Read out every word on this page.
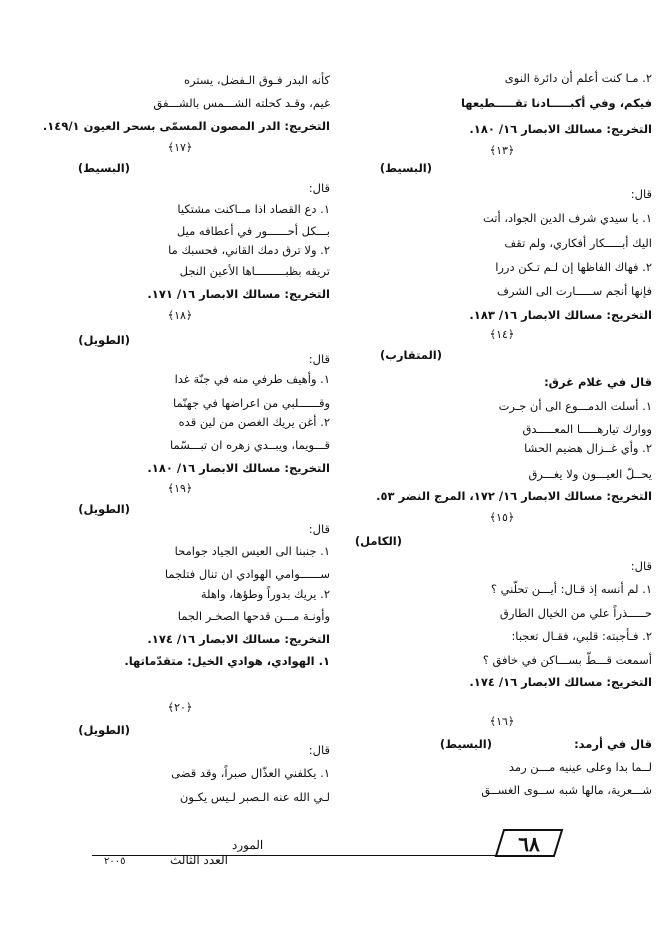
٢. مـا كنت أعلم أن دائرة النوى
فيكم، وفي أكبـــــادنا تقـــــطيعها
التخريج: مسالك الابصار ١٦/ ١٨٠.
﴿١٣﴾
(البسيط)
قال:
١. يا سيدي شرف الدين الجواد، أتت
اليك أبـــــكار أفكاري، ولم تقف
٢. فهاك الفاظها إن لـم تـكن دررا
فإنها أنجم ســـــارت الى الشرف
التخريج: مسالك الابصار ١٦/ ١٨٣.
﴿١٤﴾
(المتقارب)
قال في غلام غرق:
١. أسلت الدمـــوع الى أن جـرت
ووارك تيارهـــــا المعـــــدق
٢. وأي غــزال هضيم الحشا
يحــلّ العيـــون ولا يغـــرق
التخريج: مسالك الابصار ١٦/ ١٧٢، المرج النضر ٥٣.
﴿١٥﴾
(الكامل)
قال:
١. لم أنسه إذ قـال: أيـــن تحلّني ؟
حـــــذراً علي من الخيال الطارق
٢. فـأجبته: قلبي، فقـال تعجبا:
أسمعت قـــطّ بســـاكن في خافق ؟
التخريج: مسالك الابصار ١٦/ ١٧٤.
﴿١٦﴾
قال في أرمد:
(البسيط)
لــما بدا وعلى عينيه مـــن رمد
شـــعرية، مالها شبه ســوى الغســق
كأنه البدر فـوق الـفضل، يستره
غيم، وقـد كحلته الشـــمس بالشـــفق
التخريج: الدر المصون المسمّى بسحر العيون ١٤٩/١.
﴿١٧﴾
(البسيط)
قال:
١. دع القصاد اذا مــاكنت مشتكيا
بـــكل أحــــــور في أعطافه ميل
٢. ولا ترق دمك القاني، فحسبك ما
تريقه بظبـــــــــاها الأعين النجل
التخريج: مسالك الابصار ١٦/ ١٧١.
﴿١٨﴾
(الطويل)
قال:
١. وأهيف طرفي منه في جنّة غدا
وقــــــلبي من اعراضها في جهنّما
٢. أغن يريك الغصن من لين قده
قـــويما، ويبــدي زهره ان تبـــسّما
التخريج: مسالك الابصار ١٦/ ١٨٠.
﴿١٩﴾
(الطويل)
قال:
١. جنبنا الى العيس الجياد جوامحا
ســــــوامي الهوادي ان تنال فتلجما
٢. يريك بدوراً وطؤها، واهلة
وأونـة مـــن قدحها الصخـر الجما
التخريج: مسالك الابصار ١٦/ ١٧٤.
١. الهوادي، هوادي الخيل: متقدّماتها.
﴿٢٠﴾
(الطويل)
قال:
١. يكلفني العذّال صبراً، وقد قضى
لـي الله عنه الـصبر لـيس يكـون
٦٨
المورد
العدد الثالث
٢٠٠٥
